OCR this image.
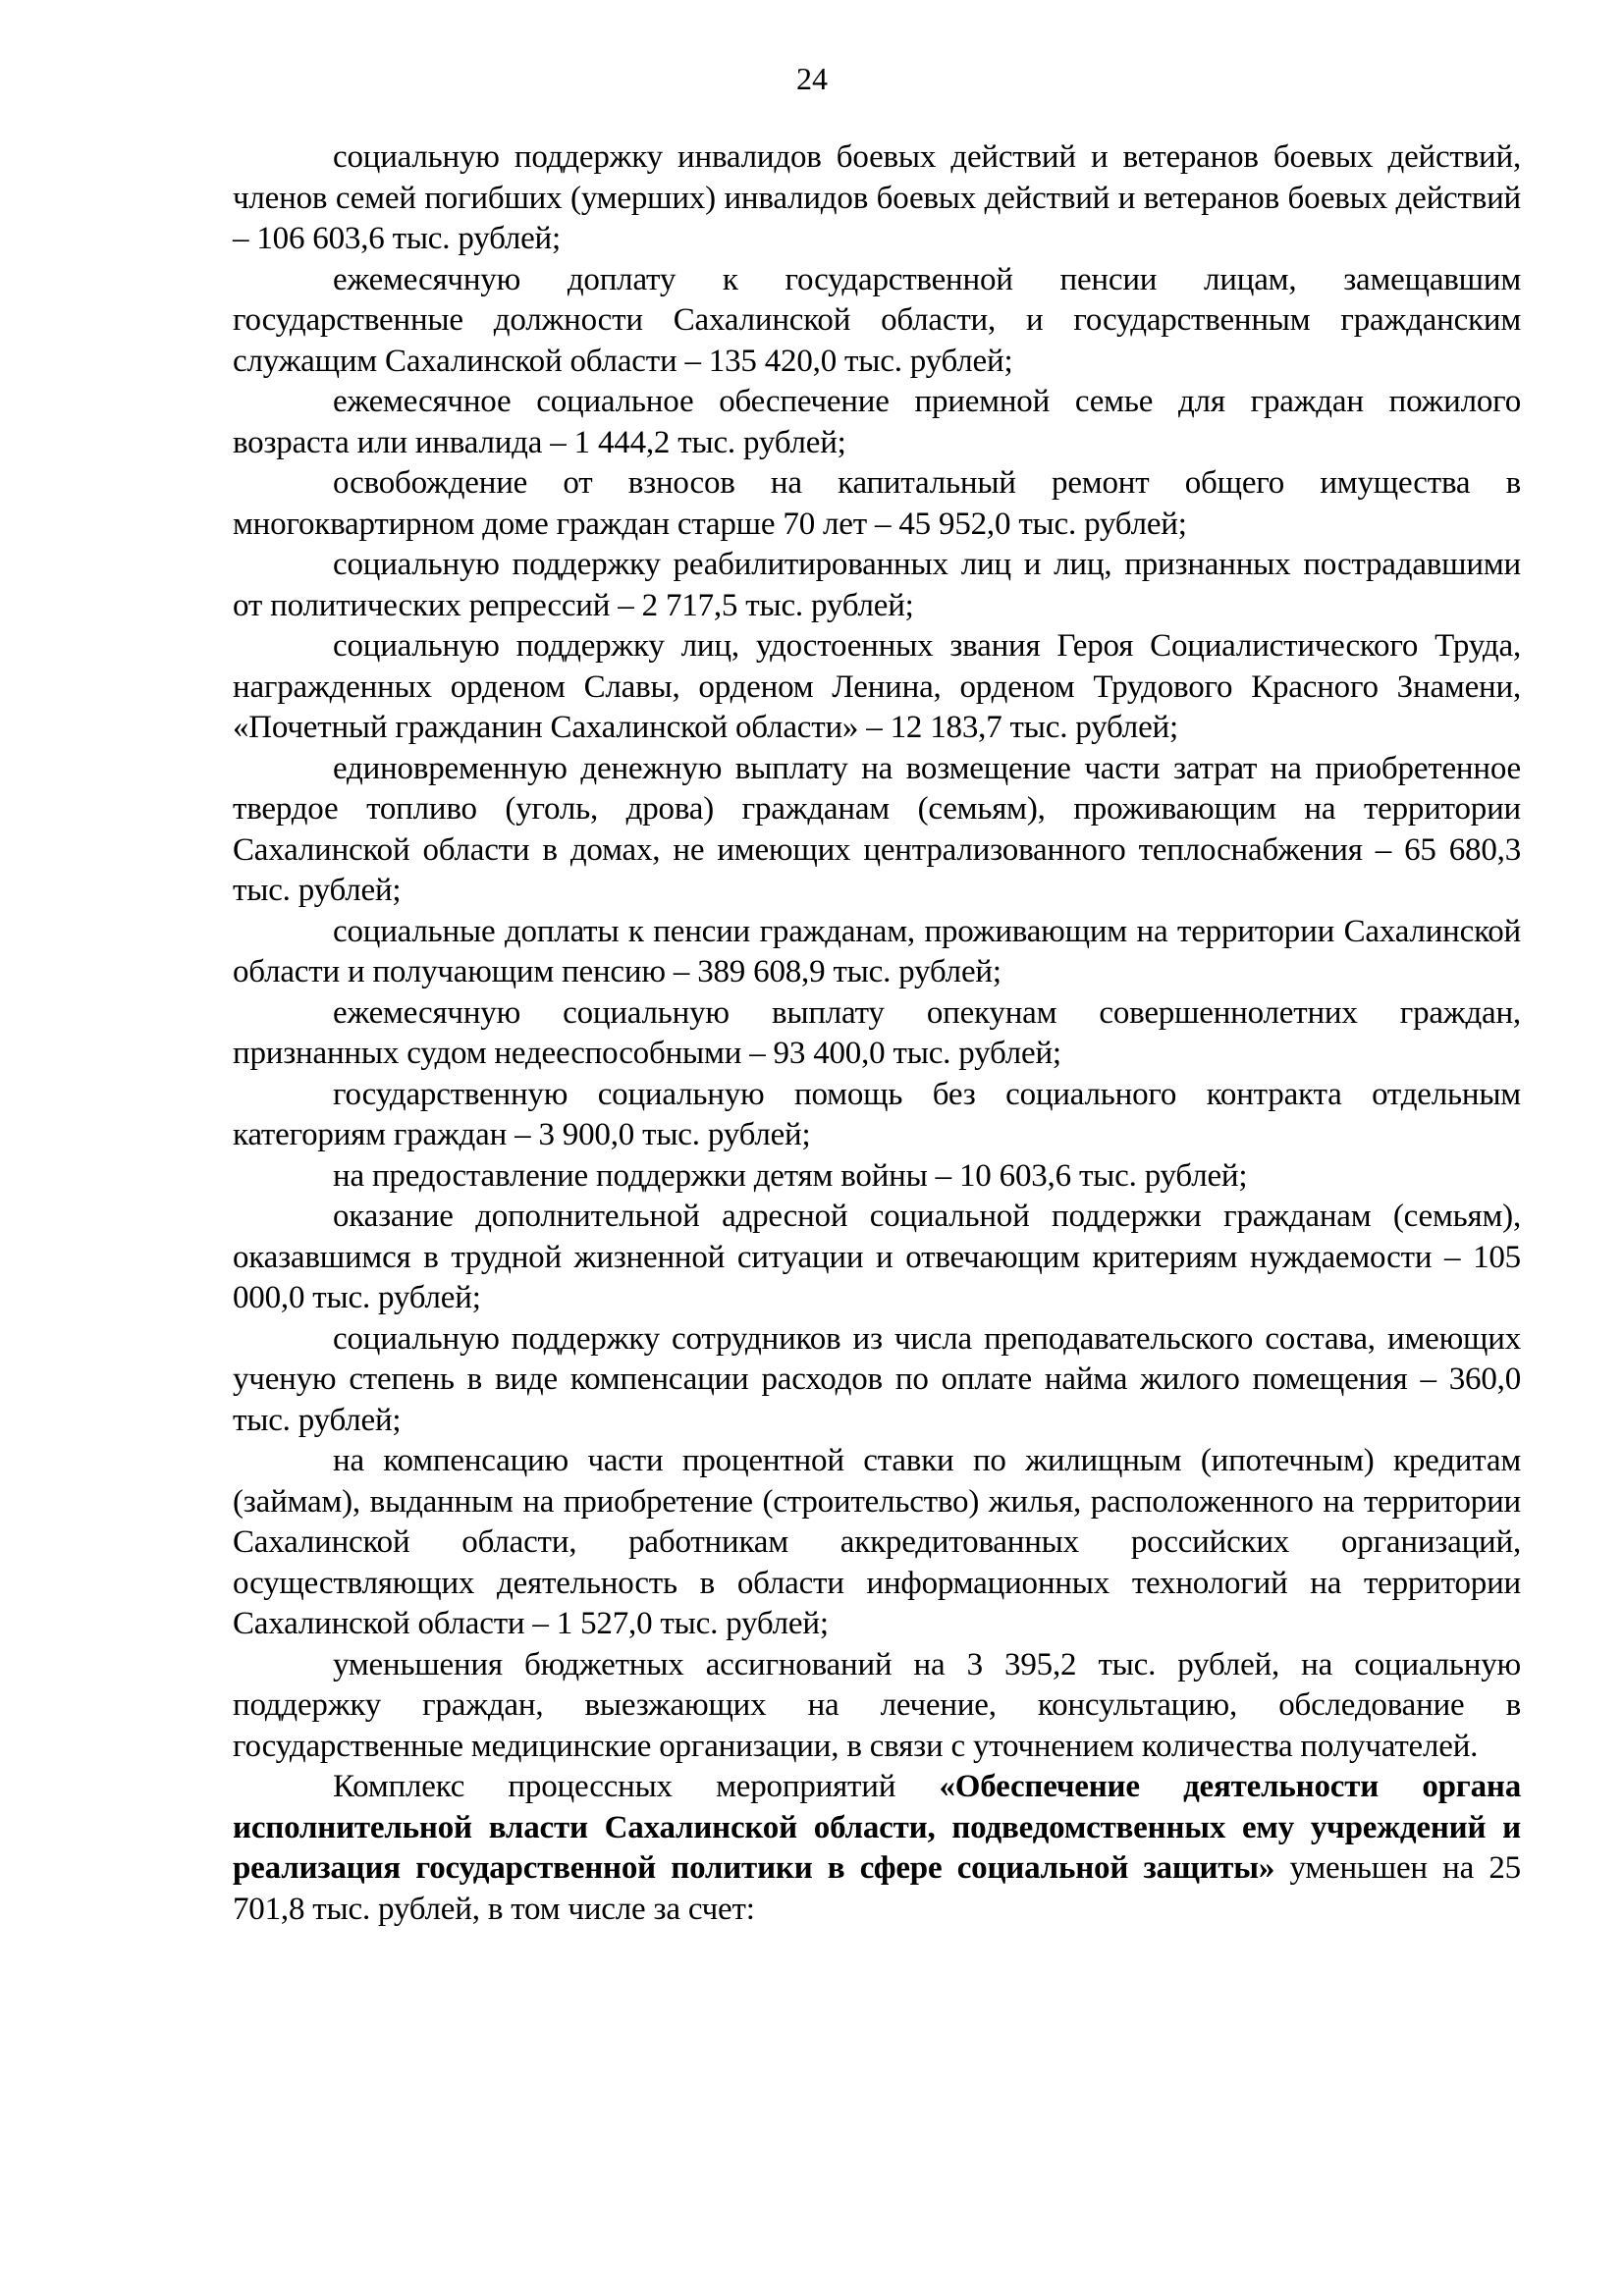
24

социальную поддержку инвалидов боевых действий и ветеранов боевых действий, членов семей погибших (умерших) инвалидов боевых действий и ветеранов боевых действий – 106 603,6 тыс. рублей;

ежемесячную доплату к государственной пенсии лицам, замещавшим государственные должности Сахалинской области, и государственным гражданским служащим Сахалинской области – 135 420,0 тыс. рублей;

ежемесячное социальное обеспечение приемной семье для граждан пожилого возраста или инвалида – 1 444,2 тыс. рублей;

освобождение от взносов на капитальный ремонт общего имущества в многоквартирном доме граждан старше 70 лет – 45 952,0 тыс. рублей;

социальную поддержку реабилитированных лиц и лиц, признанных пострадавшими от политических репрессий – 2 717,5 тыс. рублей;

социальную поддержку лиц, удостоенных звания Героя Социалистического Труда, награжденных орденом Славы, орденом Ленина, орденом Трудового Красного Знамени, «Почетный гражданин Сахалинской области» – 12 183,7 тыс. рублей;

единовременную денежную выплату на возмещение части затрат на приобретенное твердое топливо (уголь, дрова) гражданам (семьям), проживающим на территории Сахалинской области в домах, не имеющих централизованного теплоснабжения – 65 680,3 тыс. рублей;

социальные доплаты к пенсии гражданам, проживающим на территории Сахалинской области и получающим пенсию – 389 608,9 тыс. рублей;

ежемесячную социальную выплату опекунам совершеннолетних граждан, признанных судом недееспособными – 93 400,0 тыс. рублей;

государственную социальную помощь без социального контракта отдельным категориям граждан – 3 900,0 тыс. рублей;

на предоставление поддержки детям войны – 10 603,6 тыс. рублей;

оказание дополнительной адресной социальной поддержки гражданам (семьям), оказавшимся в трудной жизненной ситуации и отвечающим критериям нуждаемости – 105 000,0 тыс. рублей;

социальную поддержку сотрудников из числа преподавательского состава, имеющих ученую степень в виде компенсации расходов по оплате найма жилого помещения – 360,0 тыс. рублей;

на компенсацию части процентной ставки по жилищным (ипотечным) кредитам (займам), выданным на приобретение (строительство) жилья, расположенного на территории Сахалинской области, работникам аккредитованных российских организаций, осуществляющих деятельность в области информационных технологий на территории Сахалинской области – 1 527,0 тыс. рублей;

уменьшения бюджетных ассигнований на 3 395,2 тыс. рублей, на социальную поддержку граждан, выезжающих на лечение, консультацию, обследование в государственные медицинские организации, в связи с уточнением количества получателей.

Комплекс процессных мероприятий «Обеспечение деятельности органа исполнительной власти Сахалинской области, подведомственных ему учреждений и реализация государственной политики в сфере социальной защиты» уменьшен на 25 701,8 тыс. рублей, в том числе за счет:
